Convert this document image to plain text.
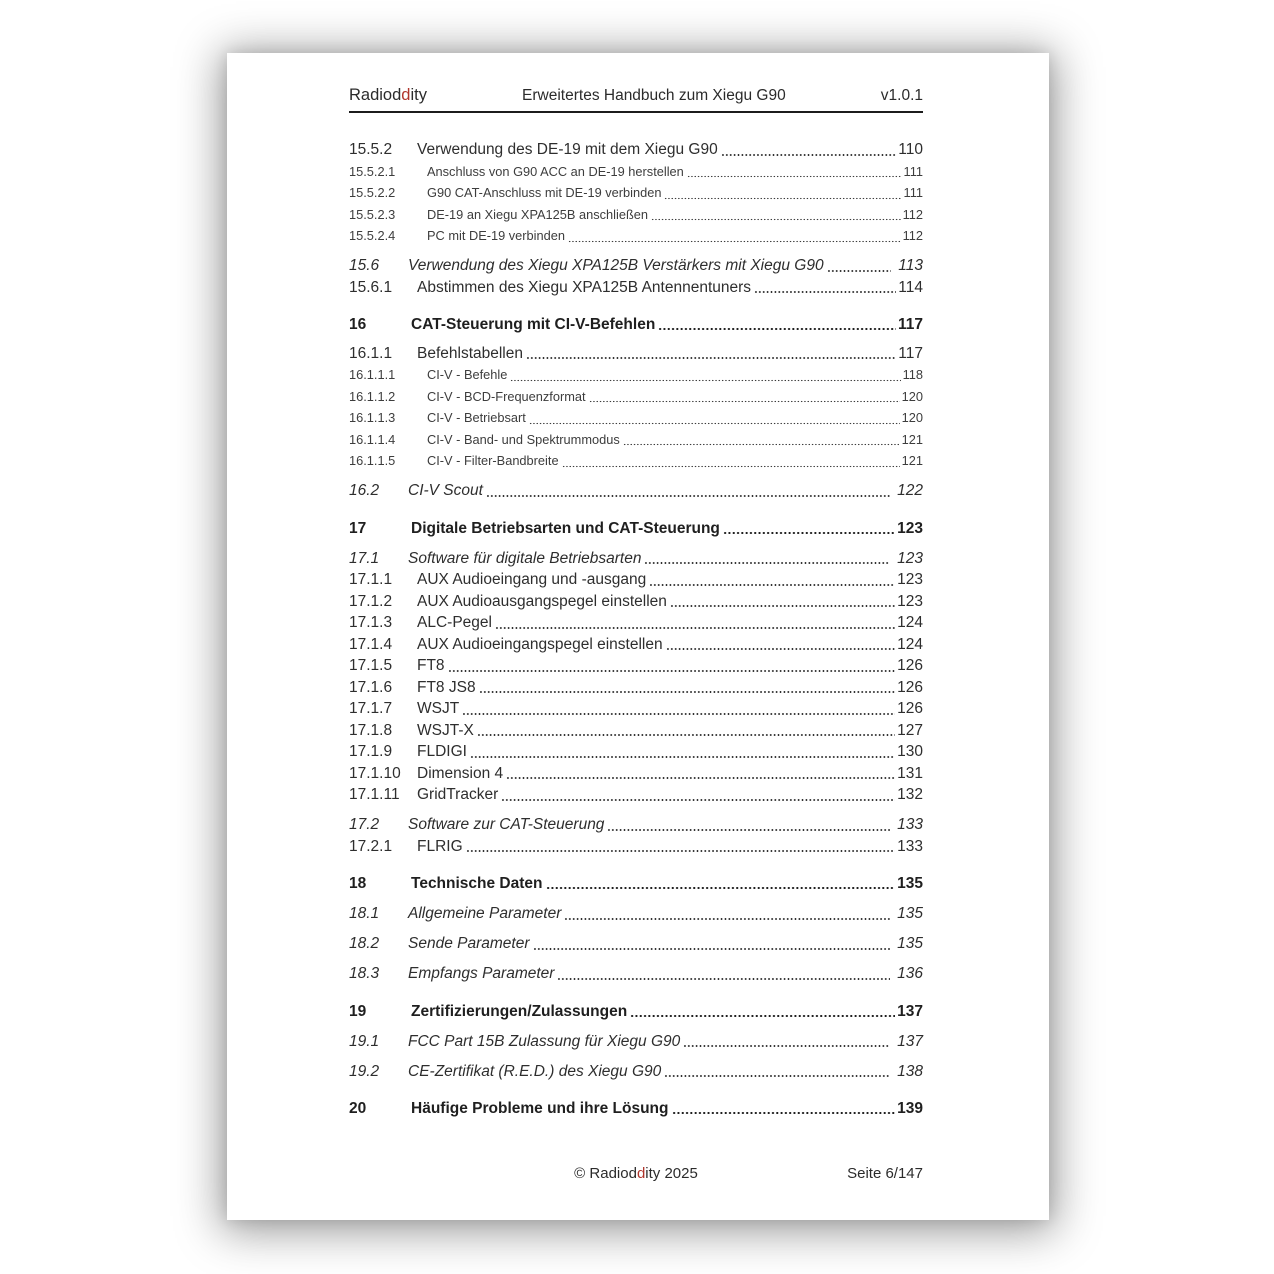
Radioddity	Erweitertes Handbuch zum Xiegu G90	v1.0.1
15.5.2	Verwendung des DE-19 mit dem Xiegu G90	110
15.5.2.1	Anschluss von G90 ACC an DE-19 herstellen	111
15.5.2.2	G90 CAT-Anschluss mit DE-19 verbinden	111
15.5.2.3	DE-19 an Xiegu XPA125B anschließen	112
15.5.2.4	PC mit DE-19 verbinden	112
15.6	Verwendung des Xiegu XPA125B Verstärkers mit Xiegu G90	113
15.6.1	Abstimmen des Xiegu XPA125B Antennentuners	114
16	CAT-Steuerung mit CI-V-Befehlen	117
16.1.1	Befehlstabellen	117
16.1.1.1	CI-V - Befehle	118
16.1.1.2	CI-V - BCD-Frequenzformat	120
16.1.1.3	CI-V - Betriebsart	120
16.1.1.4	CI-V - Band- und Spektrummodus	121
16.1.1.5	CI-V - Filter-Bandbreite	121
16.2	CI-V Scout	122
17	Digitale Betriebsarten und CAT-Steuerung	123
17.1	Software für digitale Betriebsarten	123
17.1.1	AUX Audioeingang und -ausgang	123
17.1.2	AUX Audioausgangspegel einstellen	123
17.1.3	ALC-Pegel	124
17.1.4	AUX Audioeingangspegel einstellen	124
17.1.5	FT8	126
17.1.6	FT8 JS8	126
17.1.7	WSJT	126
17.1.8	WSJT-X	127
17.1.9	FLDIGI	130
17.1.10	Dimension 4	131
17.1.11	GridTracker	132
17.2	Software zur CAT-Steuerung	133
17.2.1	FLRIG	133
18	Technische Daten	135
18.1	Allgemeine Parameter	135
18.2	Sende Parameter	135
18.3	Empfangs Parameter	136
19	Zertifizierungen/Zulassungen	137
19.1	FCC Part 15B Zulassung für Xiegu G90	137
19.2	CE-Zertifikat (R.E.D.) des Xiegu G90	138
20	Häufige Probleme und ihre Lösung	139
© Radioddity 2025	Seite 6/147
